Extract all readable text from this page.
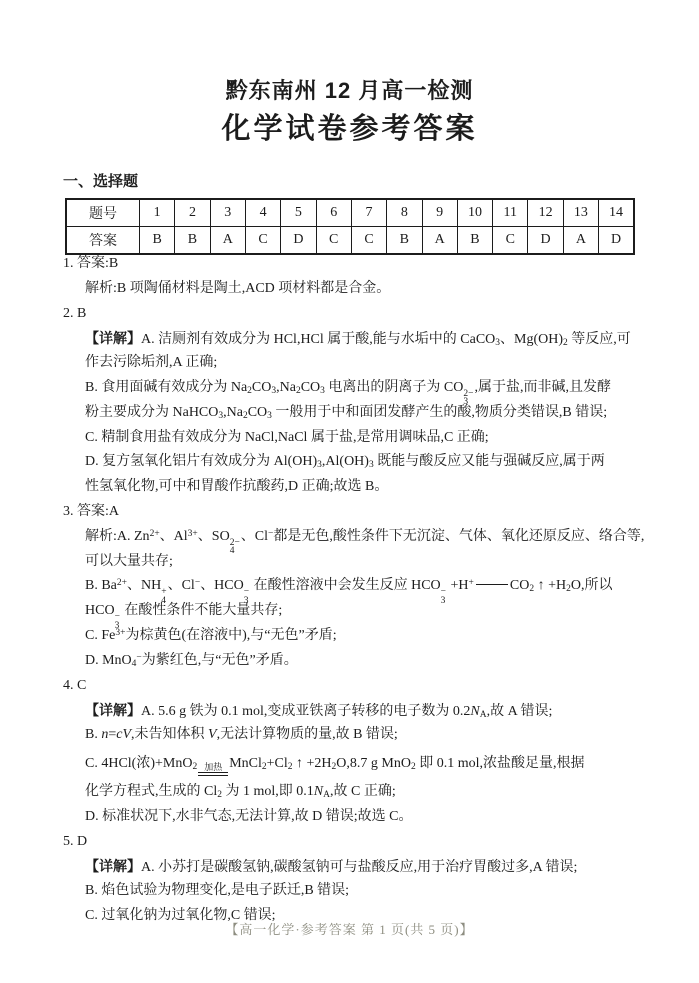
黔东南州 12 月高一检测
化学试卷参考答案
一、选择题
题号	1	2	3	4	5	6	7	8	9	10	11	12	13	14
答案	B	B	A	C	D	C	C	B	A	B	C	D	A	D
1. 答案:B
解析:B 项陶俑材料是陶土,ACD 项材料都是合金。
2. B
【详解】A. 洁厕剂有效成分为 HCl,HCl 属于酸,能与水垢中的 CaCO$_3$、$Mg(OH)_2$ 等反应,可
作去污除垢剂,A 正确;
B. 食用面碱有效成分为 $Na_2CO_3,Na_2CO_3$ 电离出的阴离子为 CO 2−
3
,属于盐,而非碱,且发酵
粉主要成分为 $NaHCO_3,Na_2CO_3$ 一般用于中和面团发酵产生的酸,物质分类错误,B 错误;
C. 精制食用盐有效成分为 NaCl,NaCl 属于盐,是常用调味品,C 正确;
D. 复方氢氧化铝片有效成分为 $Al(OH)_3,Al(OH)_3$ 既能与酸反应又能与强碱反应,属于两
性氢氧化物,可中和胃酸作抗酸药,D 正确;故选 B。
3. 答案:A
解析:A. $Zn^{2+}$、$Al^{3+}$、SO 2−
4
、Cl−都是无色,酸性条件下无沉淀、气体、氧化还原反应、络合等,
可以大量共存;
B. $Ba^{2+}$、NH +
4
、Cl−、HCO −
3
在酸性溶液中会发生反应 HCO −
3
+H+	$CO_2$ ↑ $+H_2O$,所以
HCO −
3
在酸性条件不能大量共存;
C. $Fe^{3+}$为棕黄色(在溶液中),与“无色”矛盾;
D. MnO$_4$−为紫红色,与“无色”矛盾。
4. C
【详解】A. 5.6 g 铁为 0.1 mol,变成亚铁离子转移的电子数为 $0.2N_A$,故 A 错误;
B. n=cV,未告知体积 V,无法计算物质的量,故 B 错误;
C. 4HCl(浓)+MnO$_2$ 加热 $MnCl_2+Cl_2$ ↑ $+2H_2O,8.7$ g MnO$_2$ 即 0.1 mol,浓盐酸足量,根据
化学方程式,生成的 $Cl_2$ 为 1 mol,即 $0.1N_A$,故 C 正确;
D. 标准状况下,水非气态,无法计算,故 D 错误;故选 C。
5. D
【详解】A. 小苏打是碳酸氢钠,碳酸氢钠可与盐酸反应,用于治疗胃酸过多,A 错误;
B. 焰色试验为物理变化,是电子跃迁,B 错误;
C. 过氧化钠为过氧化物,C 错误;
【高一化学·参考答案 第 1 页(共 5 页)】
